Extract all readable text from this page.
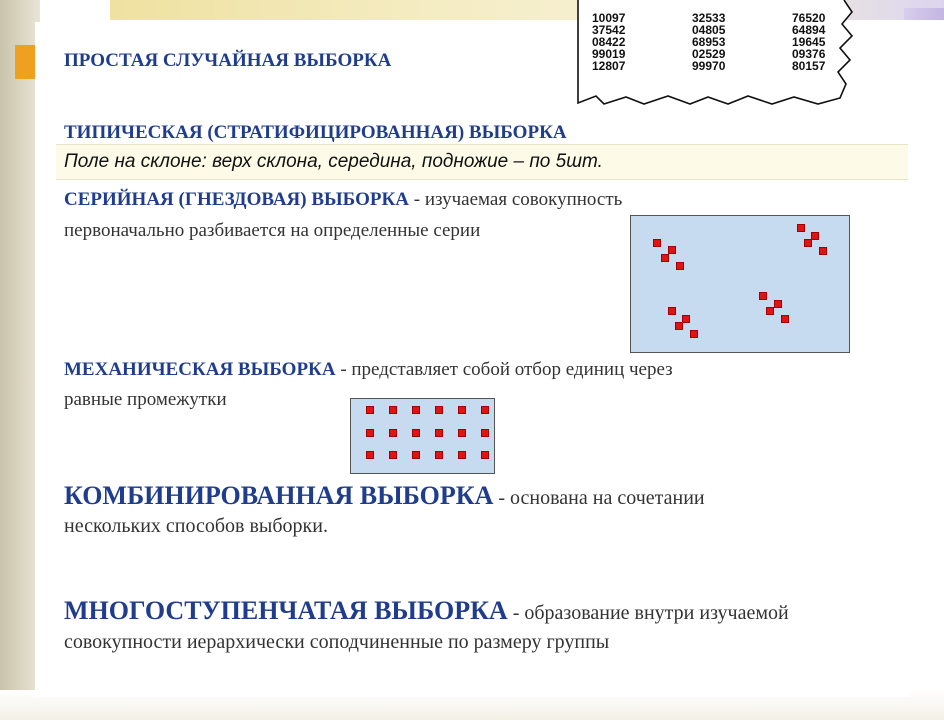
10097	32533	76520
37542	04805	64894
08422	68953	19645
99019	02529	09376
12807	99970	80157
ПРОСТАЯ СЛУЧАЙНАЯ ВЫБОРКА
ТИПИЧЕСКАЯ (СТРАТИФИЦИРОВАННАЯ) ВЫБОРКА
Поле на склоне: верх склона, середина, подножие – по 5шт.
СЕРИЙНАЯ (ГНЕЗДОВАЯ) ВЫБОРКА - изучаемая совокупность
первоначально разбивается на определенные серии
МЕХАНИЧЕСКАЯ ВЫБОРКА - представляет собой отбор единиц через
равные промежутки
КОМБИНИРОВАННАЯ ВЫБОРКА - основана на сочетании
нескольких способов выборки.
МНОГОСТУПЕНЧАТАЯ ВЫБОРКА - образование внутри изучаемой
совокупности иерархически соподчиненные по размеру группы
